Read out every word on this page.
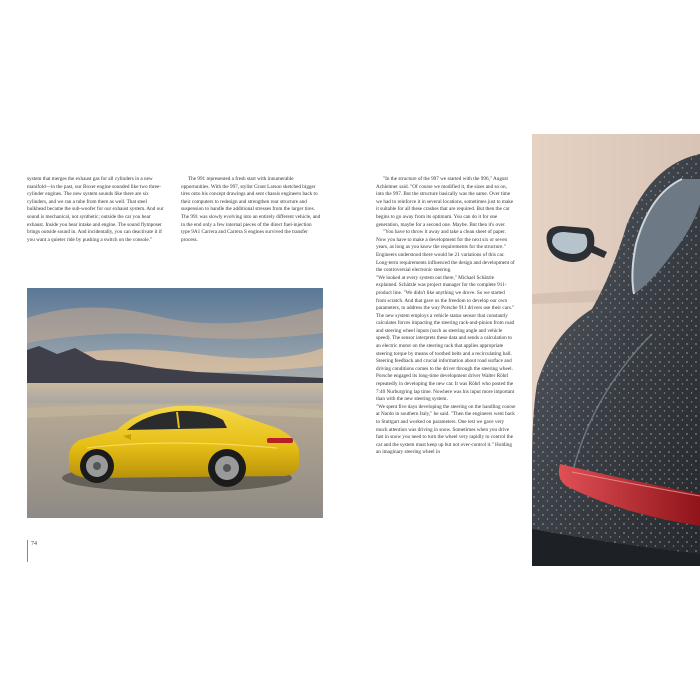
system that merges the exhaust gas for all cylinders in a new manifold—in the past, our Boxer engine sounded like two three-cylinder engines. The new system sounds like there are six cylinders, and we ran a tube from there as well. That steel bulkhead became the sub-woofer for our exhaust system. And our sound is mechanical, not synthetic; outside the car you hear exhaust. Inside you hear intake and engine. The sound flymposer brings outside sound in. And incidentally, you can deactivate it if you want a quieter ride by pushing a switch on the console."

The 991 represented a fresh start with innumerable opportunities. With the 997, stylist Grant Larson sketched bigger tires onto his concept drawings and sent chassis engineers back to their computers to redesign and strengthen rear structure and suspension to handle the additional stresses from the larger tires. The 991 was slowly evolving into an entirely different vehicle, and in the end only a few internal pieces of the direct fuel-injection type 9A1 Carrera and Carrera S engines survived the transfer process.

"In the structure of the 997 we started with the 996," August Achleitner said. "Of course we modified it, the sizes and so on, into the 997. But the structure basically was the same. Over time we had to reinforce it in several locations, sometimes just to make it suitable for all these crashes that are required. But then the car begins to go away from its optimum. You can do it for one generation, maybe for a second one. Maybe. But then it's over.

"You have to throw it away and take a clean sheet of paper. Now you have to make a development for the next six or seven years, as long as you know the requirements for the structure." Engineers understood there would be 21 variations of this car. Long-term requirements influenced the design and development of the controversial electronic steering.

"We looked at every system out there," Michael Schätzle explained. Schätzle was project manager for the complete 911-product line. "We didn't like anything we drove. So we started from scratch. And that gave us the freedom to develop our own parameters, to address the way Porsche 911 drivers use their cars." The new system employs a vehicle status sensor that constantly calculates forces impacting the steering rack-and-pinion from road and steering wheel inputs (such as steering angle and vehicle speed). The sensor interprets these data and sends a calculation to an electric motor on the steering rack that applies appropriate steering torque by means of toothed belts and a recirculating ball. Steering feedback and crucial information about road surface and driving conditions comes to the driver through the steering wheel.

Porsche engaged its long-time development driver Walter Röhrl repeatedly in developing the new car. It was Röhrl who posted the 7:40 Nurburgring lap time. Nowhere was his input more important than with the new steering system.

"We spent five days developing the steering on the handling course at Nardo in southern Italy," he said. "Then the engineers went back to Stuttgart and worked on parameters. One test we gave very much attention was driving in snow. Sometimes when you drive fast in snow you need to turn the wheel very rapidly to control the car and the system must keep up but not over-control it." Holding an imaginary steering wheel in

74
